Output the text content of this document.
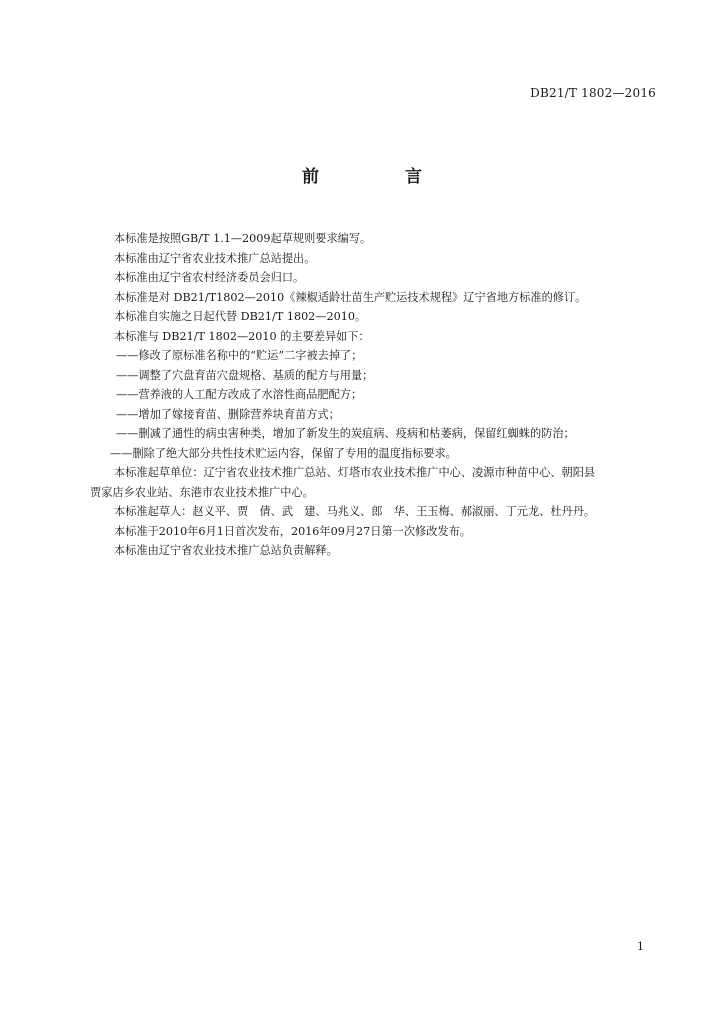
DB21/T 1802—2016
前 言
本标准是按照GB/T 1.1—2009起草规则要求编写。
本标准由辽宁省农业技术推广总站提出。
本标准由辽宁省农村经济委员会归口。
本标准是对 DB21/T1802—2010《辣椒适龄壮苗生产贮运技术规程》辽宁省地方标准的修订。
本标准自实施之日起代替 DB21/T 1802—2010。
本标准与 DB21/T 1802—2010 的主要差异如下：
——修改了原标准名称中的“贮运”二字被去掉了；
——调整了穴盘育苗穴盘规格、基质的配方与用量；
——营养液的人工配方改成了水溶性商品肥配方；
——增加了嫁接育苗、删除营养块育苗方式；
——删减了通性的病虫害种类，增加了新发生的炭疽病、疫病和枯萎病，保留红蜘蛛的防治；
——删除了绝大部分共性技术贮运内容，保留了专用的温度指标要求。
本标准起草单位：辽宁省农业技术推广总站、灯塔市农业技术推广中心、凌源市种苗中心、朝阳县
贾家店乡农业站、东港市农业技术推广中心。
本标准起草人：赵义平、贾　倩、武　建、马兆义、郎　华、王玉梅、郝淑丽、丁元龙、杜丹丹。
本标准于2010年6月1日首次发布，2016年09月27日第一次修改发布。
本标准由辽宁省农业技术推广总站负责解释。
1
